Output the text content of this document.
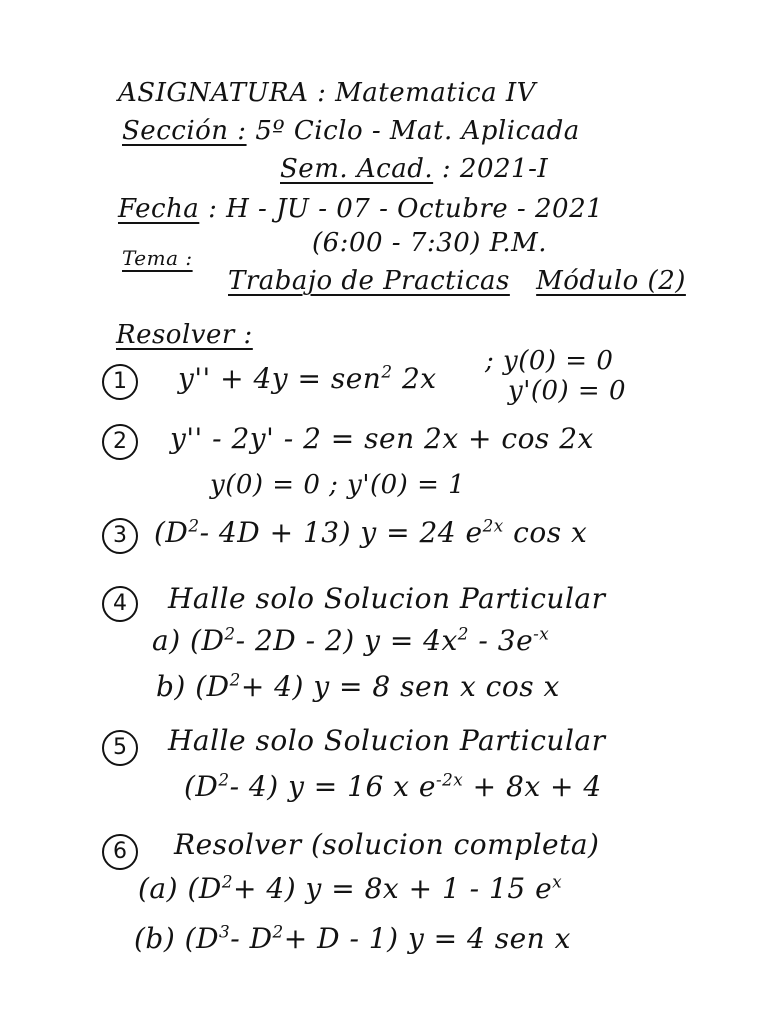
ASIGNATURA : Matematica IV
Sección : 5º Ciclo - Mat. Aplicada
Sem. Acad. : 2021-I
Fecha : H - JU - 07 - Octubre - 2021
(6:00 - 7:30) P.M.
Tema :
Trabajo de Practicas Módulo (2)
Resolver :
1	y'' + 4y = sen$^2$ 2x
; y(0) = 0
y'(0) = 0
2	y'' - 2y' - 2 = sen 2x + cos 2x
y(0) = 0 ; y'(0) = 1
3 ($D^2-$ 4D + 13) y = 24 $e^{2x}$ cos x
4	Halle solo Solucion Particular
a) ($D^2-$ 2D - 2) $y = 4x^2 - 3e^{-x}$
b) $(D^2+ 4) y = 8$ sen x cos x
5	Halle solo Solucion Particular
($D^2-$ 4) y = 16 x $e^{-2x} + 8x + 4$
6	Resolver (solucion completa)
(a) $(D^2+ 4) y = 8x + 1 - 15$ $e^x$
(b) ($D^3-$ $D^2+ D - 1$) y = 4 sen x
